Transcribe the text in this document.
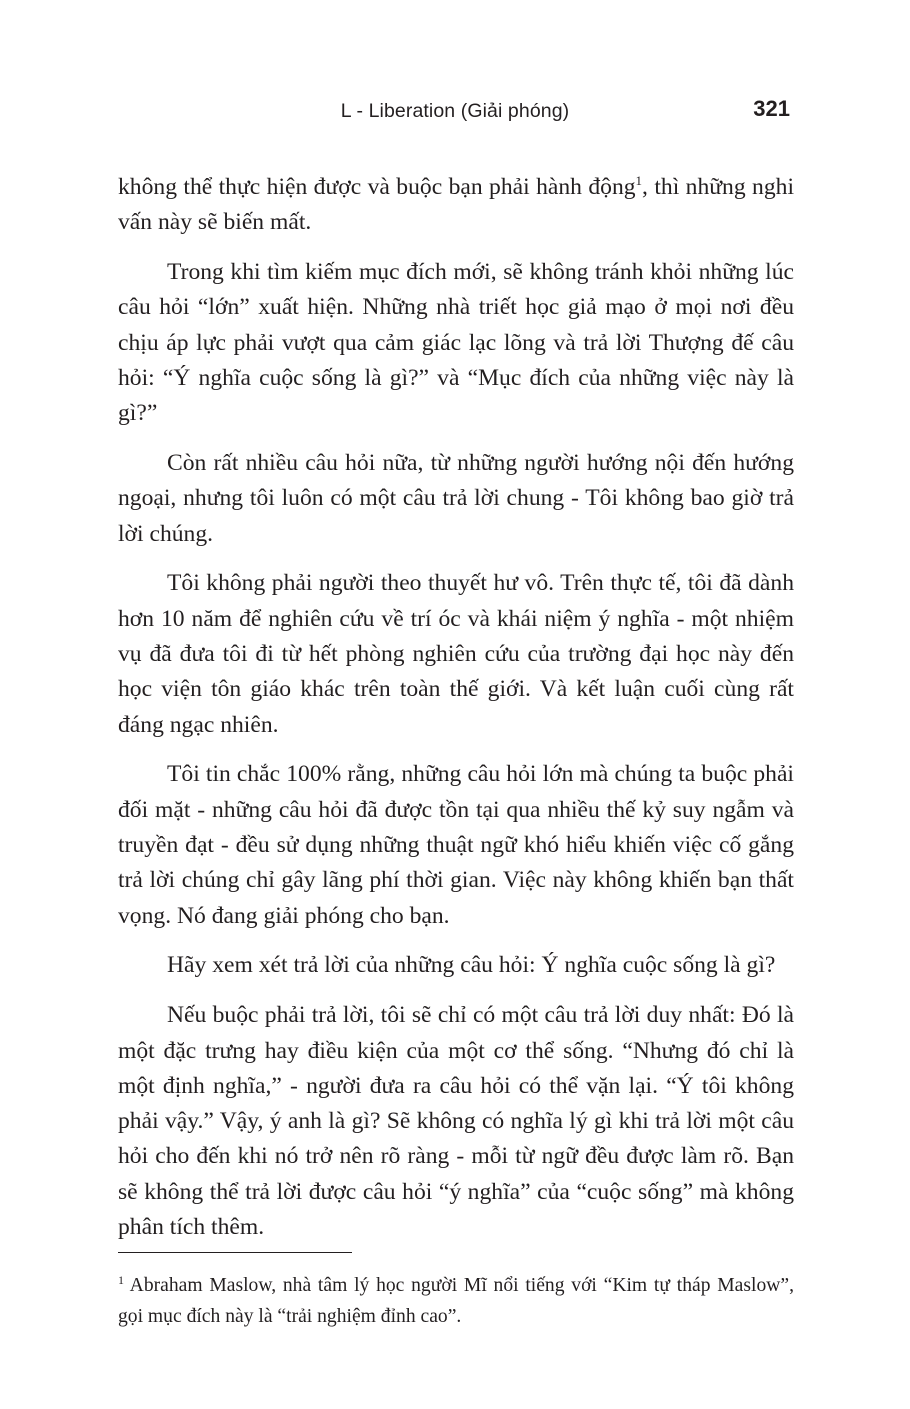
L - Liberation (Giải phóng)	321

không thể thực hiện được và buộc bạn phải hành động$^1$, thì những nghi vấn này sẽ biến mất.

Trong khi tìm kiếm mục đích mới, sẽ không tránh khỏi những lúc câu hỏi “lớn” xuất hiện. Những nhà triết học giả mạo ở mọi nơi đều chịu áp lực phải vượt qua cảm giác lạc lõng và trả lời Thượng đế câu hỏi: “Ý nghĩa cuộc sống là gì?” và “Mục đích của những việc này là gì?”

Còn rất nhiều câu hỏi nữa, từ những người hướng nội đến hướng ngoại, nhưng tôi luôn có một câu trả lời chung - Tôi không bao giờ trả lời chúng.

Tôi không phải người theo thuyết hư vô. Trên thực tế, tôi đã dành hơn 10 năm để nghiên cứu về trí óc và khái niệm ý nghĩa - một nhiệm vụ đã đưa tôi đi từ hết phòng nghiên cứu của trường đại học này đến học viện tôn giáo khác trên toàn thế giới. Và kết luận cuối cùng rất đáng ngạc nhiên.

Tôi tin chắc 100% rằng, những câu hỏi lớn mà chúng ta buộc phải đối mặt - những câu hỏi đã được tồn tại qua nhiều thế kỷ suy ngẫm và truyền đạt - đều sử dụng những thuật ngữ khó hiểu khiến việc cố gắng trả lời chúng chỉ gây lãng phí thời gian. Việc này không khiến bạn thất vọng. Nó đang giải phóng cho bạn.

Hãy xem xét trả lời của những câu hỏi: Ý nghĩa cuộc sống là gì?

Nếu buộc phải trả lời, tôi sẽ chỉ có một câu trả lời duy nhất: Đó là một đặc trưng hay điều kiện của một cơ thể sống. “Nhưng đó chỉ là một định nghĩa,” - người đưa ra câu hỏi có thể vặn lại. “Ý tôi không phải vậy.” Vậy, ý anh là gì? Sẽ không có nghĩa lý gì khi trả lời một câu hỏi cho đến khi nó trở nên rõ ràng - mỗi từ ngữ đều được làm rõ. Bạn sẽ không thể trả lời được câu hỏi “ý nghĩa” của “cuộc sống” mà không phân tích thêm.

$^1$ Abraham Maslow, nhà tâm lý học người Mĩ nổi tiếng với “Kim tự tháp Maslow”, gọi mục đích này là “trải nghiệm đỉnh cao”.
